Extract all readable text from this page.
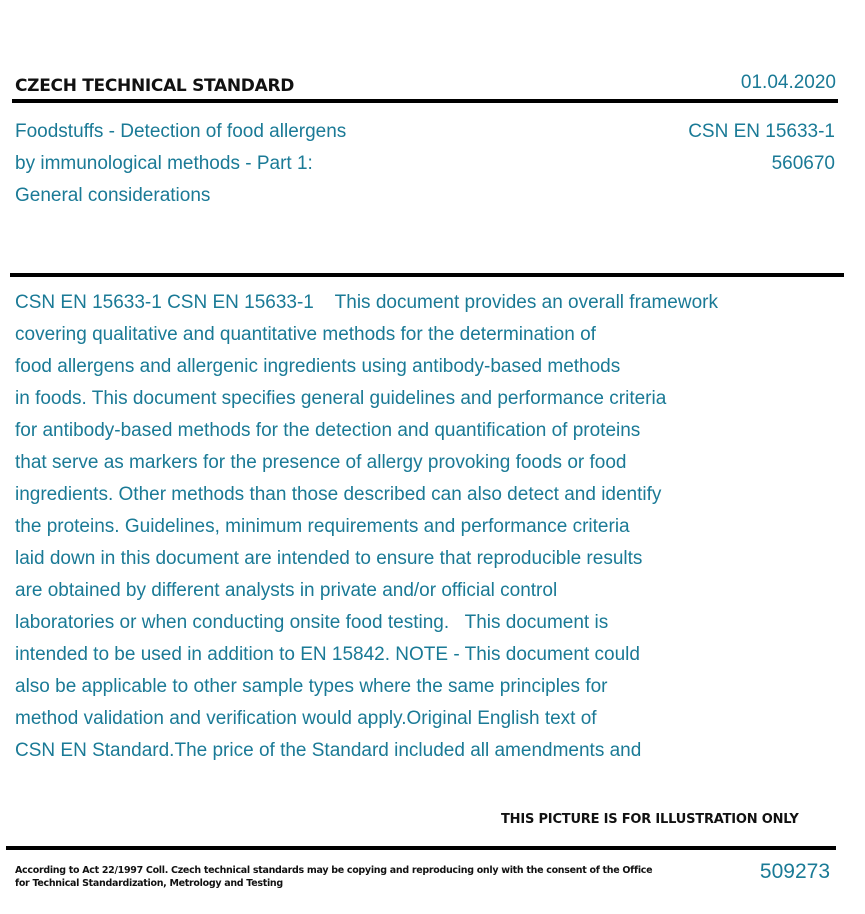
CZECH TECHNICAL STANDARD	01.04.2020
Foodstuffs - Detection of food allergens
by immunological methods - Part 1:
General considerations
CSN EN 15633-1
560670
CSN EN 15633-1 CSN EN 15633-1    This document provides an overall framework
covering qualitative and quantitative methods for the determination of
food allergens and allergenic ingredients using antibody-based methods
in foods. This document specifies general guidelines and performance criteria
for antibody-based methods for the detection and quantification of proteins
that serve as markers for the presence of allergy provoking foods or food
ingredients. Other methods than those described can also detect and identify
the proteins. Guidelines, minimum requirements and performance criteria
laid down in this document are intended to ensure that reproducible results
are obtained by different analysts in private and/or official control
laboratories or when conducting onsite food testing.   This document is
intended to be used in addition to EN 15842. NOTE - This document could
also be applicable to other sample types where the same principles for
method validation and verification would apply.Original English text of
CSN EN Standard.The price of the Standard included all amendments and
THIS PICTURE IS FOR ILLUSTRATION ONLY
According to Act 22/1997 Coll. Czech technical standards may be copying and reproducing only with the consent of the Office
for Technical Standardization, Metrology and Testing
509273
